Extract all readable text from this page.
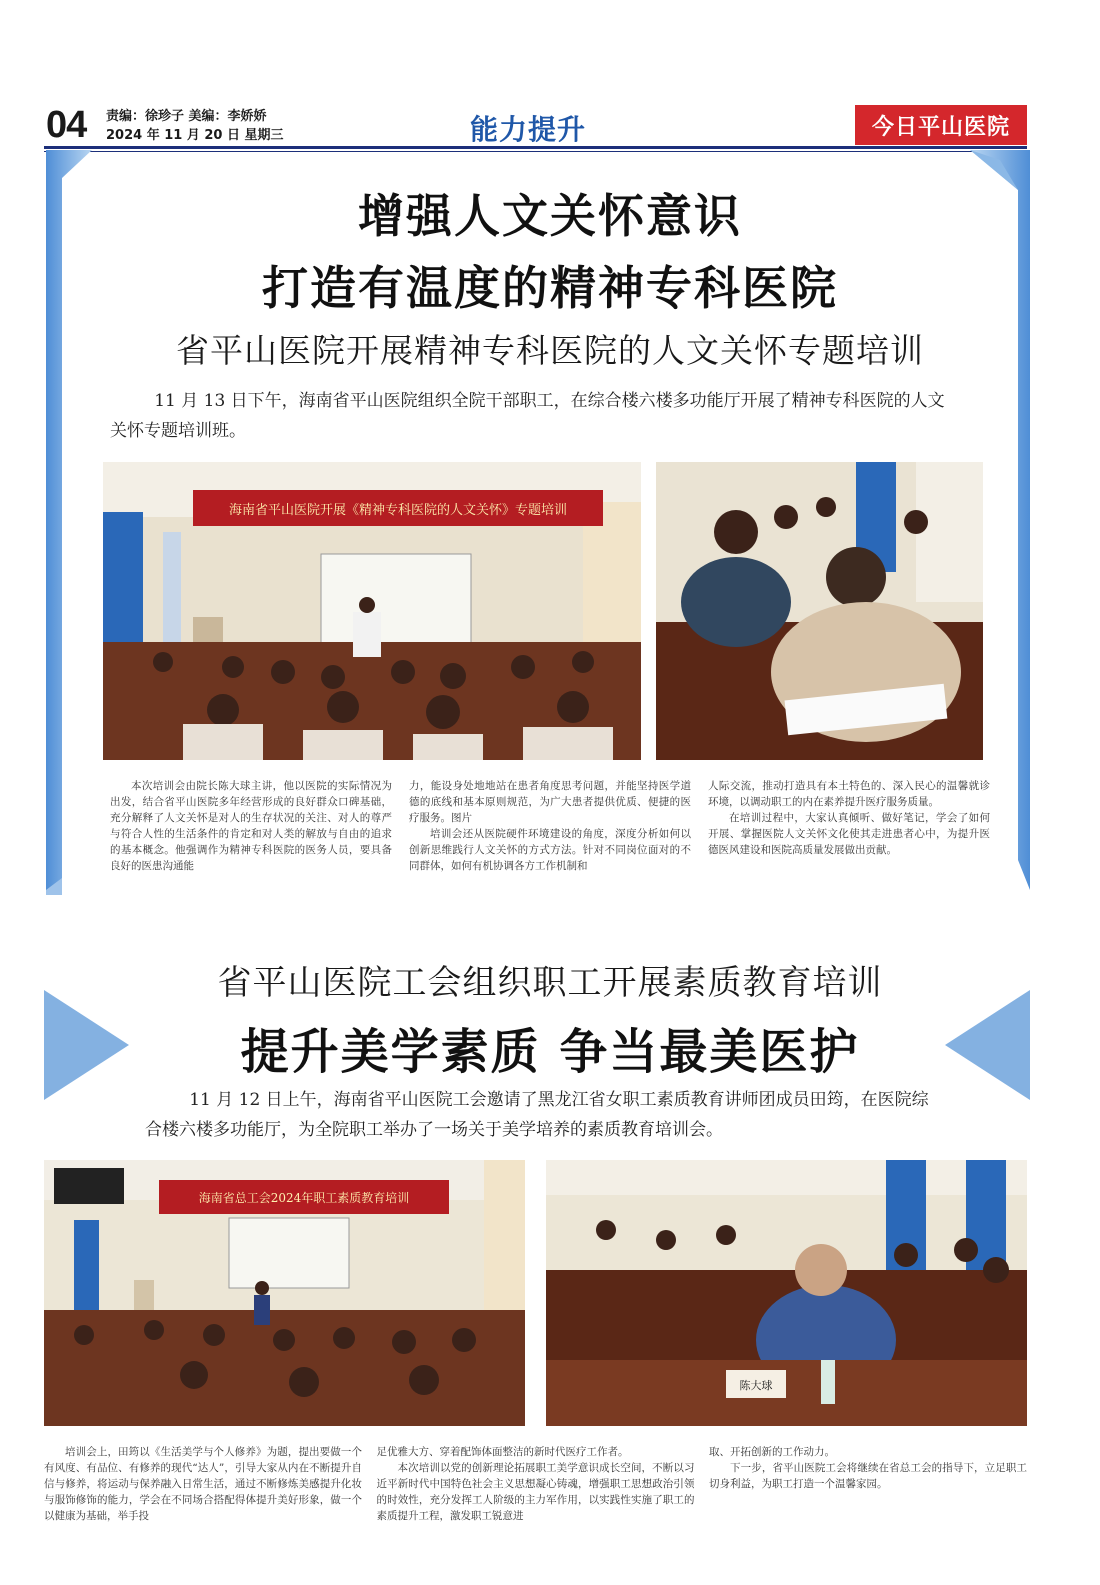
04 责编：徐珍子 美编：李娇娇
2024 年 11 月 20 日 星期三	能力提升	今日平山医院
增强人文关怀意识
打造有温度的精神专科医院
省平山医院开展精神专科医院的人文关怀专题培训
11 月 13 日下午，海南省平山医院组织全院干部职工，在综合楼六楼多功能厅开展了精神专科医院的人文关怀专题培训班。
海南省平山医院开展《精神专科医院的人文关怀》专题培训

本次培训会由院长陈大球主讲，他以医院的实际情况为出发，结合省平山医院多年经营形成的良好群众口碑基础，充分解释了人文关怀是对人的生存状况的关注、对人的尊严与符合人性的生活条件的肯定和对人类的解放与自由的追求的基本概念。他强调作为精神专科医院的医务人员，要具备良好的医患沟通能

力，能设身处地地站在患者角度思考问题，并能坚持医学道德的底线和基本原则规范，为广大患者提供优质、便捷的医疗服务。图片

培训会还从医院硬件环境建设的角度，深度分析如何以创新思维践行人文关怀的方式方法。针对不同岗位面对的不同群体，如何有机协调各方工作机制和

人际交流，推动打造具有本土特色的、深入民心的温馨就诊环境，以调动职工的内在素养提升医疗服务质量。

在培训过程中，大家认真倾听、做好笔记，学会了如何开展、掌握医院人文关怀文化使其走进患者心中，为提升医德医风建设和医院高质量发展做出贡献。

省平山医院工会组织职工开展素质教育培训
提升美学素质 争当最美医护
11 月 12 日上午，海南省平山医院工会邀请了黑龙江省女职工素质教育讲师团成员田筠，在医院综合楼六楼多功能厅，为全院职工举办了一场关于美学培养的素质教育培训会。
海南省总工会2024年职工素质教育培训
陈大球

培训会上，田筠以《生活美学与个人修养》为题，提出要做一个有风度、有品位、有修养的现代“达人”，引导大家从内在不断提升自信与修养，将运动与保养融入日常生活，通过不断修炼美感提升化妆与服饰修饰的能力，学会在不同场合搭配得体提升美好形象，做一个以健康为基础，举手投

足优雅大方、穿着配饰体面整洁的新时代医疗工作者。

本次培训以党的创新理论拓展职工美学意识成长空间，不断以习近平新时代中国特色社会主义思想凝心铸魂，增强职工思想政治引领的时效性，充分发挥工人阶级的主力军作用，以实践性实施了职工的素质提升工程，激发职工锐意进

取、开拓创新的工作动力。

下一步，省平山医院工会将继续在省总工会的指导下，立足职工切身利益，为职工打造一个温馨家园。
